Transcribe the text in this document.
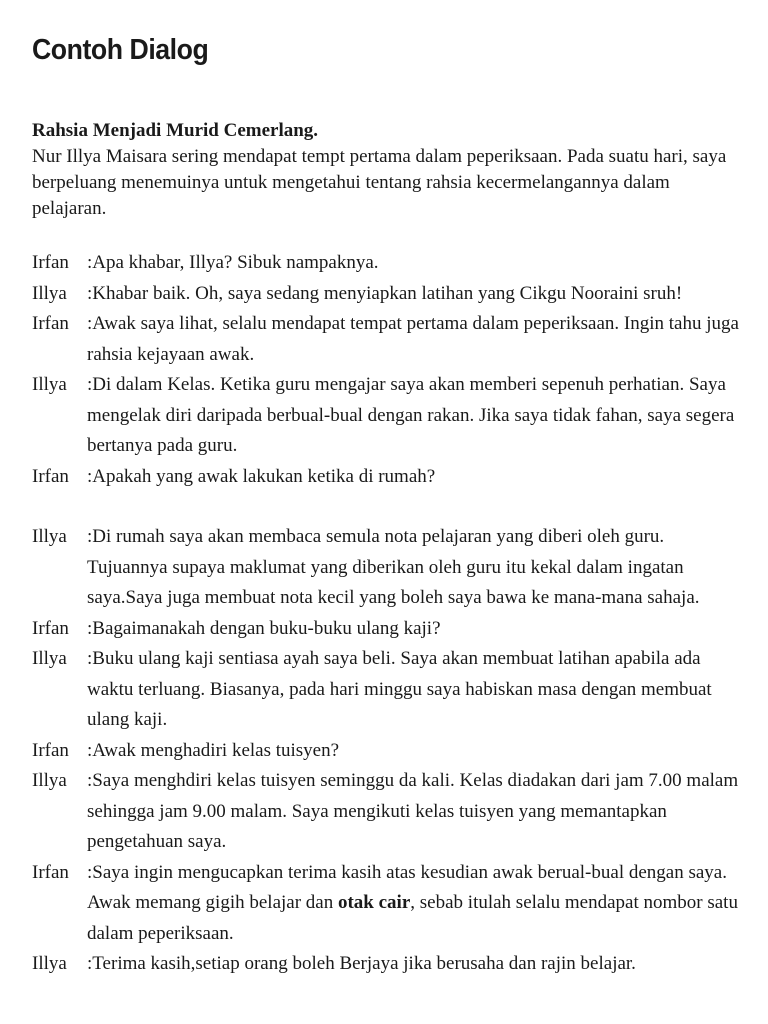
Contoh Dialog
Rahsia Menjadi Murid Cemerlang.
Nur Illya Maisara sering mendapat tempt pertama dalam peperiksaan. Pada suatu hari, saya berpeluang menemuinya untuk mengetahui tentang rahsia kecermelangannya dalam pelajaran.
Irfan :Apa khabar, Illya? Sibuk nampaknya.
Illya	:Khabar baik. Oh, saya sedang menyiapkan latihan yang Cikgu Nooraini sruh!
Irfan :Awak saya lihat, selalu mendapat tempat pertama dalam peperiksaan. Ingin tahu juga rahsia kejayaan awak.
Illya	:Di dalam Kelas. Ketika guru mengajar saya akan memberi sepenuh perhatian. Saya mengelak diri daripada berbual-bual dengan rakan. Jika saya tidak fahan, saya segera bertanya pada guru.
Irfan :Apakah yang awak lakukan ketika di rumah?
Illya	:Di rumah saya akan membaca semula nota pelajaran yang diberi oleh guru. Tujuannya supaya maklumat yang diberikan oleh guru itu kekal dalam ingatan saya.Saya juga membuat nota kecil yang boleh saya bawa ke mana-mana sahaja.
Irfan :Bagaimanakah dengan buku-buku ulang kaji?
Illya	:Buku ulang kaji sentiasa ayah saya beli. Saya akan membuat latihan apabila ada waktu terluang. Biasanya, pada hari minggu saya habiskan masa dengan membuat ulang kaji.
Irfan :Awak menghadiri kelas tuisyen?
Illya	:Saya menghdiri kelas tuisyen seminggu da kali. Kelas diadakan dari jam 7.00 malam sehingga jam 9.00 malam. Saya mengikuti kelas tuisyen yang memantapkan pengetahuan saya.
Irfan :Saya ingin mengucapkan terima kasih atas kesudian awak berual-bual dengan saya. Awak memang gigih belajar dan otak cair, sebab itulah selalu mendapat nombor satu dalam peperiksaan.
Illya	:Terima kasih,setiap orang boleh Berjaya jika berusaha dan rajin belajar.
